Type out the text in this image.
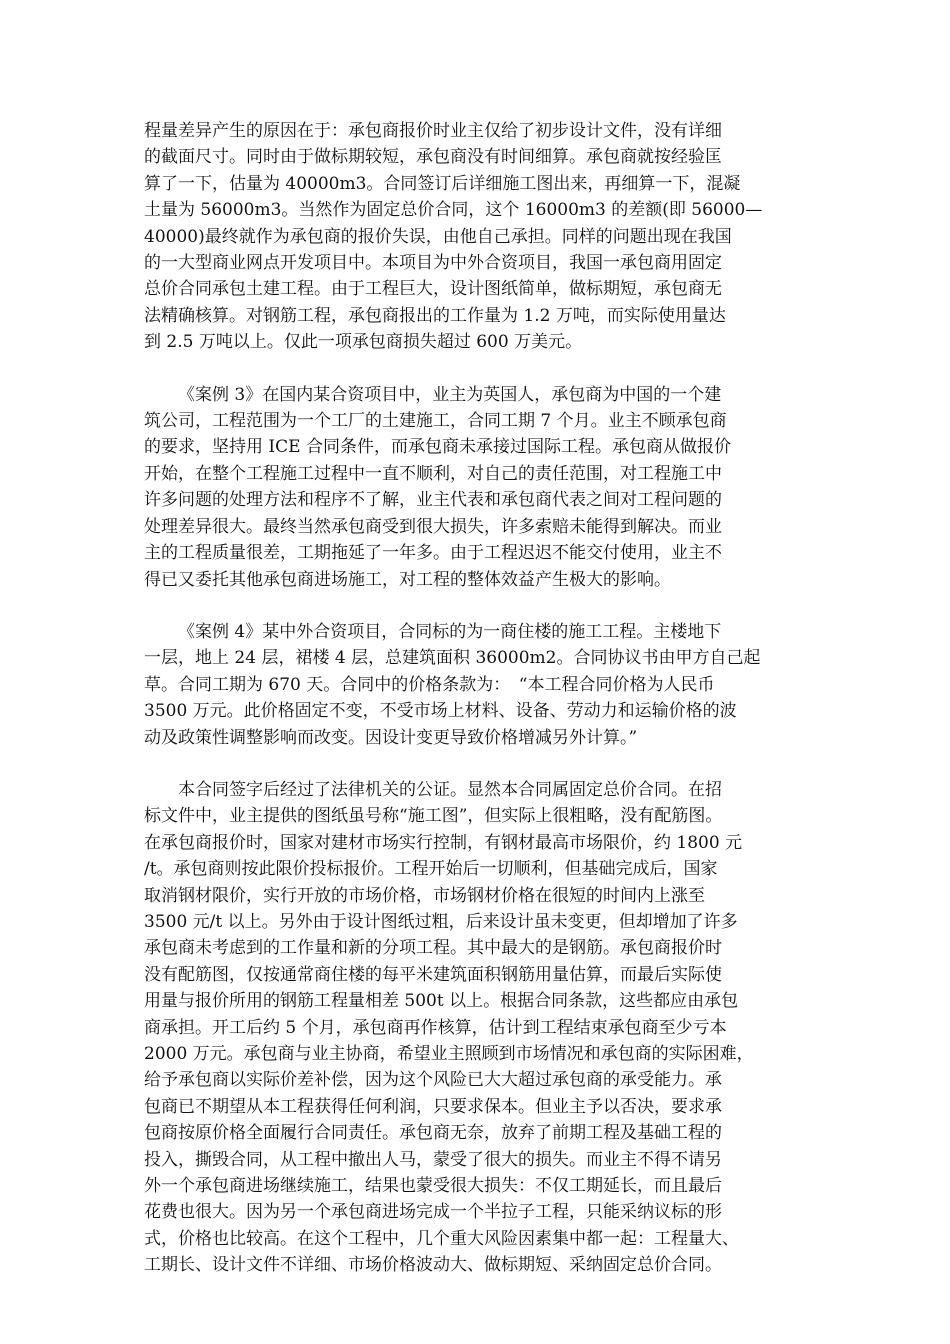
程量差异产生的原因在于：承包商报价时业主仅给了初步设计文件，没有详细
的截面尺寸。同时由于做标期较短，承包商没有时间细算。承包商就按经验匡
算了一下，估量为 40000m3。合同签订后详细施工图出来，再细算一下，混凝
土量为 56000m3。当然作为固定总价合同，这个 16000m3 的差额(即 56000—
40000)最终就作为承包商的报价失误，由他自己承担。同样的问题出现在我国
的一大型商业网点开发项目中。本项目为中外合资项目，我国一承包商用固定
总价合同承包土建工程。由于工程巨大，设计图纸简单，做标期短，承包商无
法精确核算。对钢筋工程，承包商报出的工作量为 1.2 万吨，而实际使用量达
到 2.5 万吨以上。仅此一项承包商损失超过 600 万美元。
《案例 3》在国内某合资项目中，业主为英国人，承包商为中国的一个建
筑公司，工程范围为一个工厂的土建施工，合同工期 7 个月。业主不顾承包商
的要求，坚持用 ICE 合同条件，而承包商未承接过国际工程。承包商从做报价
开始，在整个工程施工过程中一直不顺利，对自己的责任范围，对工程施工中
许多问题的处理方法和程序不了解，业主代表和承包商代表之间对工程问题的
处理差异很大。最终当然承包商受到很大损失，许多索赔未能得到解决。而业
主的工程质量很差，工期拖延了一年多。由于工程迟迟不能交付使用，业主不
得已又委托其他承包商进场施工，对工程的整体效益产生极大的影响。
《案例 4》某中外合资项目，合同标的为一商住楼的施工工程。主楼地下
一层，地上 24 层，裙楼 4 层，总建筑面积 36000m2。合同协议书由甲方自己起
草。合同工期为 670 天。合同中的价格条款为：　“本工程合同价格为人民币
3500 万元。此价格固定不变，不受市场上材料、设备、劳动力和运输价格的波
动及政策性调整影响而改变。因设计变更导致价格增减另外计算。”
本合同签字后经过了法律机关的公证。显然本合同属固定总价合同。在招
标文件中，业主提供的图纸虽号称“施工图”，但实际上很粗略，没有配筋图。
在承包商报价时，国家对建材市场实行控制，有钢材最高市场限价，约 1800 元
/t。承包商则按此限价投标报价。工程开始后一切顺利，但基础完成后，国家
取消钢材限价，实行开放的市场价格，市场钢材价格在很短的时间内上涨至
3500 元/t 以上。另外由于设计图纸过粗，后来设计虽未变更，但却增加了许多
承包商未考虑到的工作量和新的分项工程。其中最大的是钢筋。承包商报价时
没有配筋图，仅按通常商住楼的每平米建筑面积钢筋用量估算，而最后实际使
用量与报价所用的钢筋工程量相差 500t 以上。根据合同条款，这些都应由承包
商承担。开工后约 5 个月，承包商再作核算，估计到工程结束承包商至少亏本
2000 万元。承包商与业主协商，希望业主照顾到市场情况和承包商的实际困难，
给予承包商以实际价差补偿，因为这个风险已大大超过承包商的承受能力。承
包商已不期望从本工程获得任何利润，只要求保本。但业主予以否决，要求承
包商按原价格全面履行合同责任。承包商无奈，放弃了前期工程及基础工程的
投入，撕毁合同，从工程中撤出人马，蒙受了很大的损失。而业主不得不请另
外一个承包商进场继续施工，结果也蒙受很大损失：不仅工期延长，而且最后
花费也很大。因为另一个承包商进场完成一个半拉子工程，只能采纳议标的形
式，价格也比较高。在这个工程中，几个重大风险因素集中都一起：工程量大、
工期长、设计文件不详细、市场价格波动大、做标期短、采纳固定总价合同。
